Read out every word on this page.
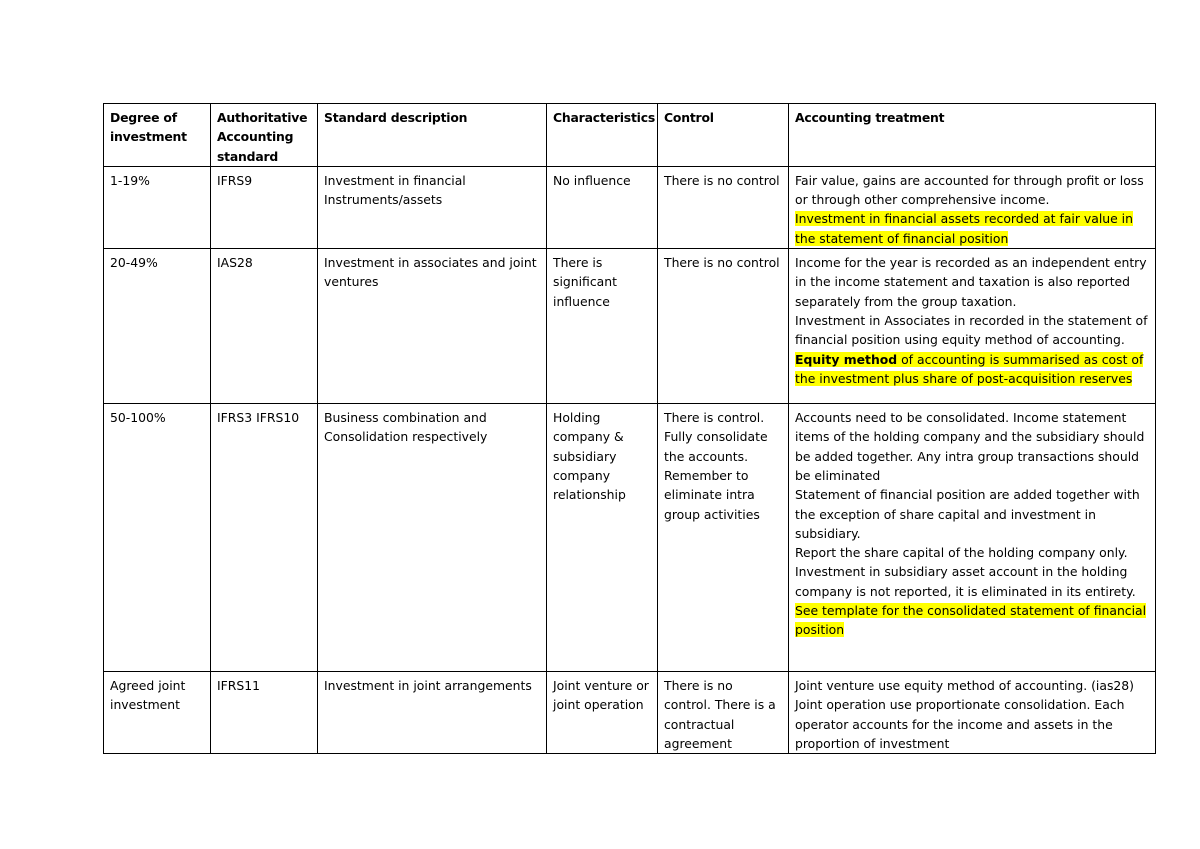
Degree of investment	Authoritative Accounting standard	Standard description	Characteristics	Control	Accounting treatment
1-19%	IFRS9	Investment in financial Instruments/assets	No influence	There is no control	Fair value, gains are accounted for through profit or loss or through other comprehensive income.
Investment in financial assets recorded at fair value in the statement of financial position

20-49%	IAS28	Investment in associates and joint ventures	There is significant influence	There is no control	Income for the year is recorded as an independent entry in the income statement and taxation is also reported separately from the group taxation.
Investment in Associates in recorded in the statement of financial position using equity method of accounting.
Equity method of accounting is summarised as cost of the investment plus share of post-acquisition reserves

50-100%	IFRS3 IFRS10	Business combination and Consolidation respectively	Holding company & subsidiary company relationship	There is control. Fully consolidate the accounts. Remember to eliminate intra group activities	Accounts need to be consolidated. Income statement items of the holding company and the subsidiary should be added together. Any intra group transactions should be eliminated
Statement of financial position are added together with the exception of share capital and investment in subsidiary.
Report the share capital of the holding company only.
Investment in subsidiary asset account in the holding company is not reported, it is eliminated in its entirety.
See template for the consolidated statement of financial position

Agreed joint investment	IFRS11	Investment in joint arrangements	Joint venture or joint operation	There is no control. There is a contractual agreement	Joint venture use equity method of accounting. (ias28)
Joint operation use proportionate consolidation. Each operator accounts for the income and assets in the proportion of investment
